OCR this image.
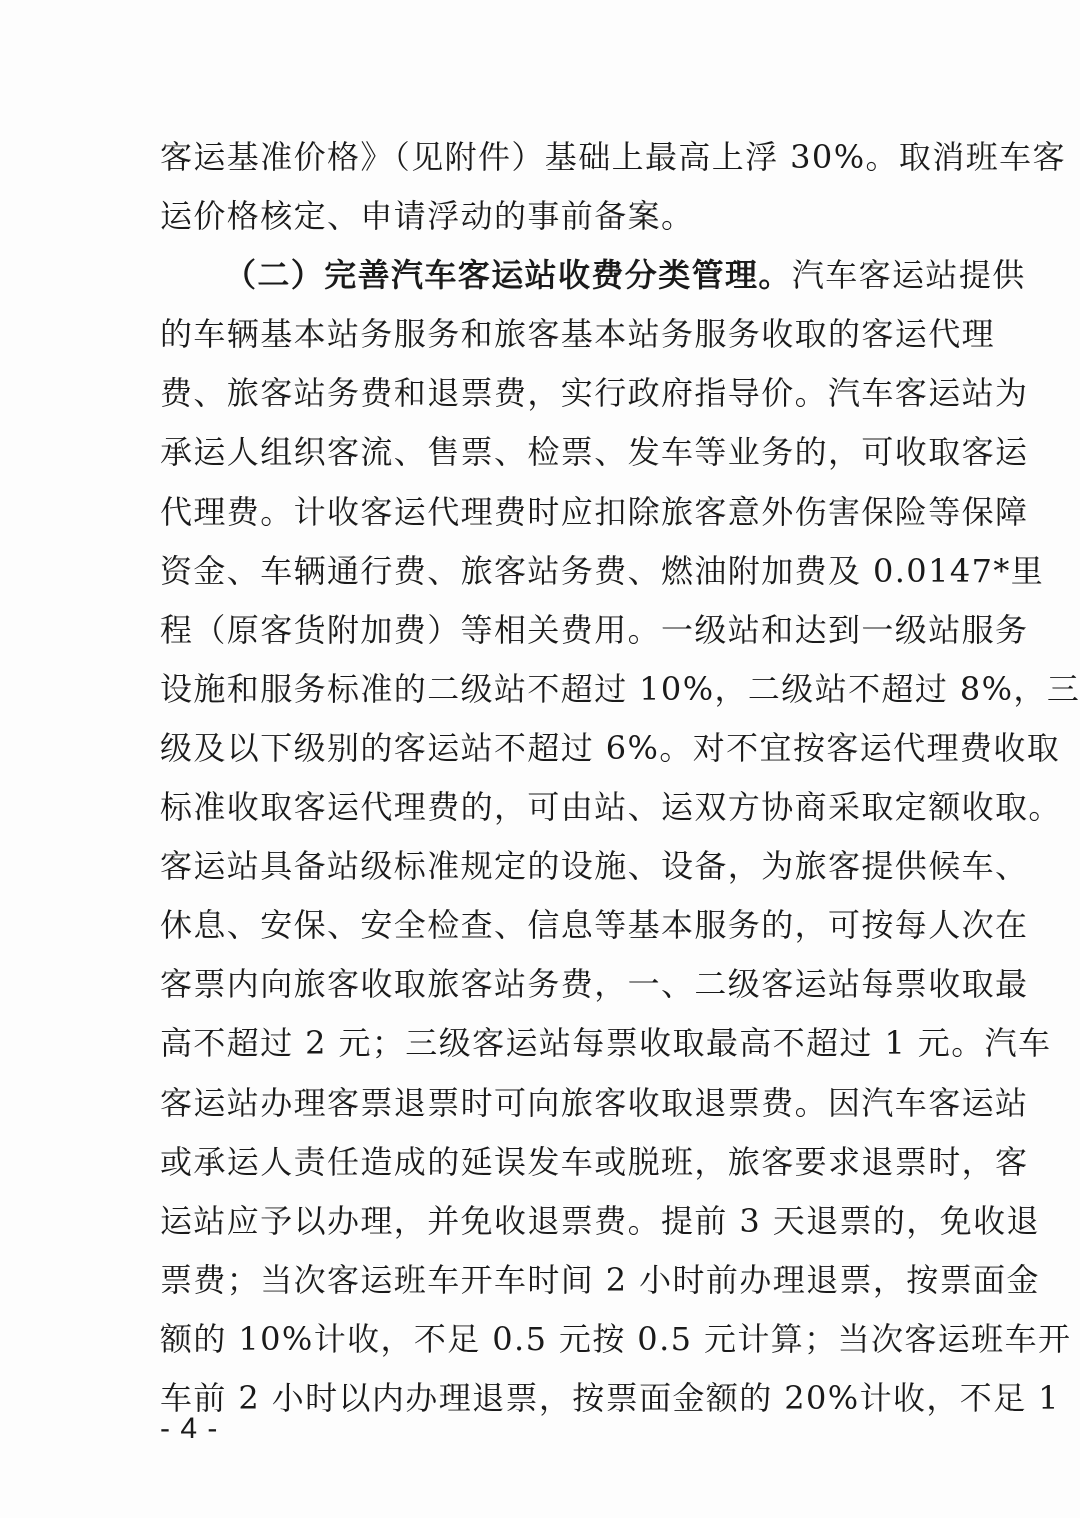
客运基准价格》（见附件）基础上最高上浮 30%。取消班车客
运价格核定、申请浮动的事前备案。
（二）完善汽车客运站收费分类管理。汽车客运站提供
的车辆基本站务服务和旅客基本站务服务收取的客运代理
费、旅客站务费和退票费，实行政府指导价。汽车客运站为
承运人组织客流、售票、检票、发车等业务的，可收取客运
代理费。计收客运代理费时应扣除旅客意外伤害保险等保障
资金、车辆通行费、旅客站务费、燃油附加费及 0.0147*里
程（原客货附加费）等相关费用。一级站和达到一级站服务
设施和服务标准的二级站不超过 10%，二级站不超过 8%，三
级及以下级别的客运站不超过 6%。对不宜按客运代理费收取
标准收取客运代理费的，可由站、运双方协商采取定额收取。
客运站具备站级标准规定的设施、设备，为旅客提供候车、
休息、安保、安全检查、信息等基本服务的，可按每人次在
客票内向旅客收取旅客站务费，一、二级客运站每票收取最
高不超过 2 元；三级客运站每票收取最高不超过 1 元。汽车
客运站办理客票退票时可向旅客收取退票费。因汽车客运站
或承运人责任造成的延误发车或脱班，旅客要求退票时，客
运站应予以办理，并免收退票费。提前 3 天退票的，免收退
票费；当次客运班车开车时间 2 小时前办理退票，按票面金
额的 10%计收，不足 0.5 元按 0.5 元计算；当次客运班车开
车前 2 小时以内办理退票，按票面金额的 20%计收，不足 1
- 4 -
